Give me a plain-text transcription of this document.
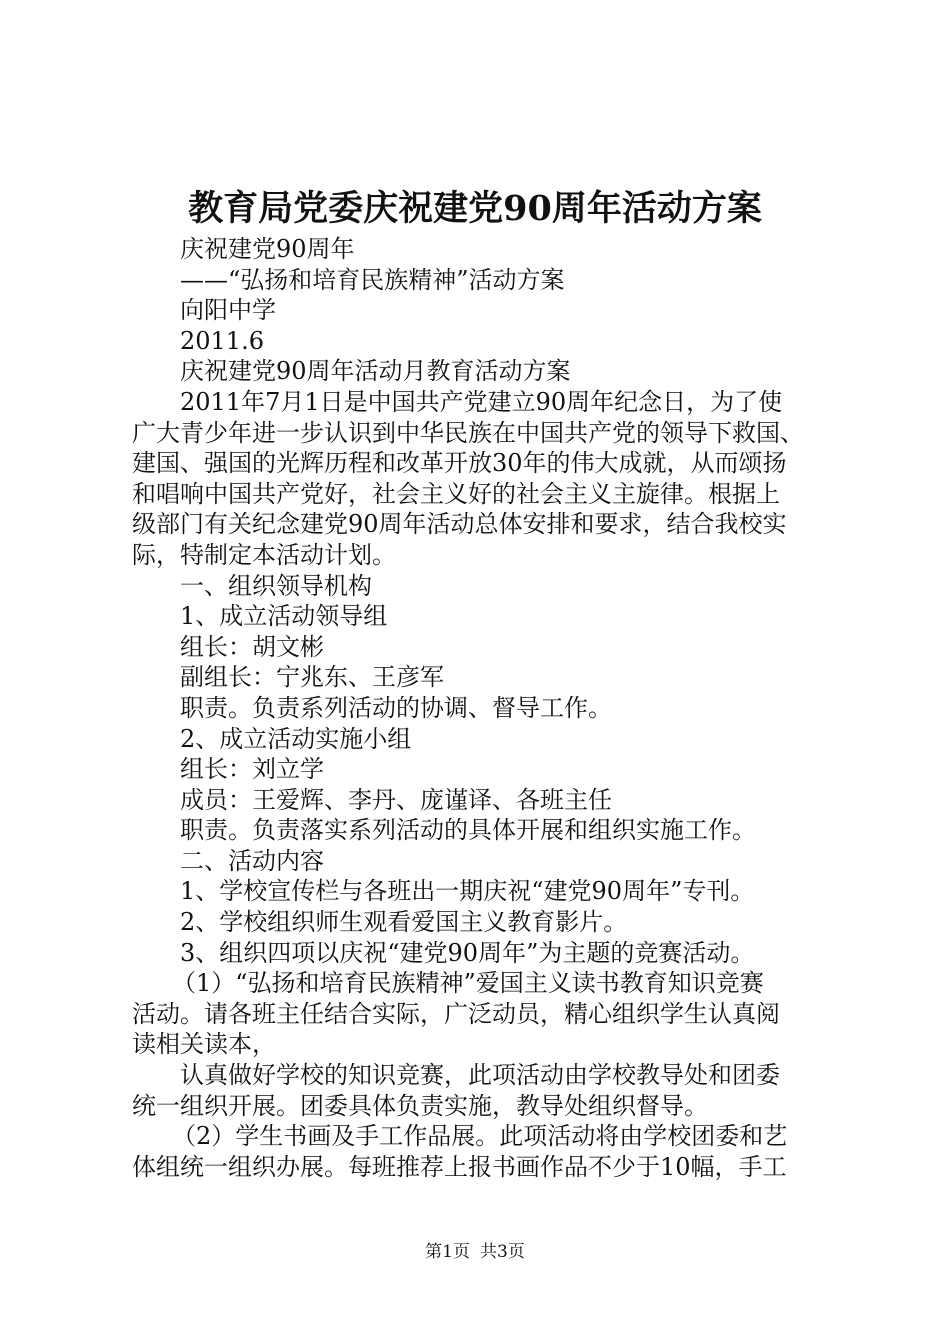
教育局党委庆祝建党90周年活动方案
庆祝建党90周年
——“弘扬和培育民族精神”活动方案
向阳中学
2011.6
庆祝建党90周年活动月教育活动方案
2011年7月1日是中国共产党建立90周年纪念日，为了使
广大青少年进一步认识到中华民族在中国共产党的领导下救国、
建国、强国的光辉历程和改革开放30年的伟大成就，从而颂扬
和唱响中国共产党好，社会主义好的社会主义主旋律。根据上
级部门有关纪念建党90周年活动总体安排和要求，结合我校实
际，特制定本活动计划。
一、组织领导机构
1、成立活动领导组
组长：胡文彬
副组长：宁兆东、王彦军
职责。负责系列活动的协调、督导工作。
2、成立活动实施小组
组长：刘立学
成员：王爱辉、李丹、庞谨译、各班主任
职责。负责落实系列活动的具体开展和组织实施工作。
二、活动内容
1、学校宣传栏与各班出一期庆祝“建党90周年”专刊。
2、学校组织师生观看爱国主义教育影片。
3、组织四项以庆祝“建党90周年”为主题的竞赛活动。
（1）“弘扬和培育民族精神”爱国主义读书教育知识竞赛
活动。请各班主任结合实际，广泛动员，精心组织学生认真阅
读相关读本，
认真做好学校的知识竞赛，此项活动由学校教导处和团委
统一组织开展。团委具体负责实施，教导处组织督导。
（2）学生书画及手工作品展。此项活动将由学校团委和艺
体组统一组织办展。每班推荐上报书画作品不少于10幅，手工
第1页 共3页
